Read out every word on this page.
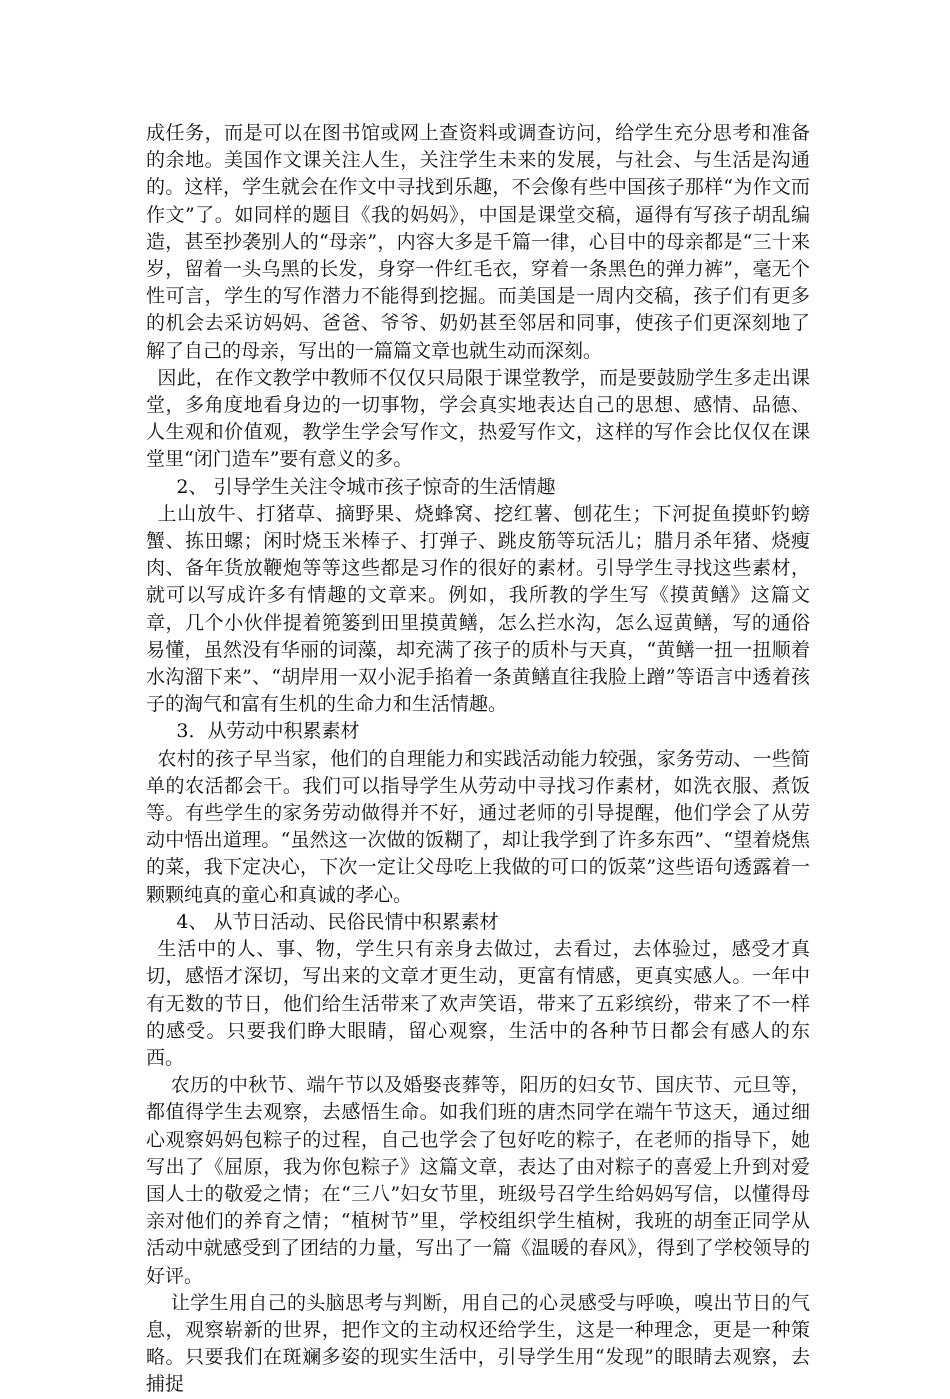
成任务，而是可以在图书馆或网上查资料或调查访问，给学生充分思考和准备的余地。美国作文课关注人生，关注学生未来的发展，与社会、与生活是沟通的。这样，学生就会在作文中寻找到乐趣，不会像有些中国孩子那样“为作文而作文”了。如同样的题目《我的妈妈》，中国是课堂交稿，逼得有写孩子胡乱编造，甚至抄袭别人的“母亲”，内容大多是千篇一律，心目中的母亲都是“三十来岁，留着一头乌黑的长发，身穿一件红毛衣，穿着一条黑色的弹力裤”，毫无个性可言，学生的写作潜力不能得到挖掘。而美国是一周内交稿，孩子们有更多的机会去采访妈妈、爸爸、爷爷、奶奶甚至邻居和同事，使孩子们更深刻地了解了自己的母亲，写出的一篇篇文章也就生动而深刻。

因此，在作文教学中教师不仅仅只局限于课堂教学，而是要鼓励学生多走出课堂，多角度地看身边的一切事物，学会真实地表达自己的思想、感情、品德、人生观和价值观，教学生学会写作文，热爱写作文，这样的写作会比仅仅在课堂里“闭门造车”要有意义的多。

2、 引导学生关注令城市孩子惊奇的生活情趣

上山放牛、打猪草、摘野果、烧蜂窝、挖红薯、刨花生；下河捉鱼摸虾钓螃蟹、拣田螺；闲时烧玉米棒子、打弹子、跳皮筋等玩活儿；腊月杀年猪、烧瘦肉、备年货放鞭炮等等这些都是习作的很好的素材。引导学生寻找这些素材，就可以写成许多有情趣的文章来。例如，我所教的学生写《摸黄鳝》这篇文章，几个小伙伴提着篼篓到田里摸黄鳝，怎么拦水沟，怎么逗黄鳝，写的通俗易懂，虽然没有华丽的词藻，却充满了孩子的质朴与天真，“黄鳝一扭一扭顺着水沟溜下来”、“胡岸用一双小泥手掐着一条黄鳝直往我脸上蹭”等语言中透着孩子的淘气和富有生机的生命力和生活情趣。

3．从劳动中积累素材

农村的孩子早当家，他们的自理能力和实践活动能力较强，家务劳动、一些简单的农活都会干。我们可以指导学生从劳动中寻找习作素材，如洗衣服、煮饭等。有些学生的家务劳动做得并不好，通过老师的引导提醒，他们学会了从劳动中悟出道理。“虽然这一次做的饭糊了，却让我学到了许多东西”、“望着烧焦的菜，我下定决心，下次一定让父母吃上我做的可口的饭菜”这些语句透露着一颗颗纯真的童心和真诚的孝心。

4、 从节日活动、民俗民情中积累素材

生活中的人、事、物，学生只有亲身去做过，去看过，去体验过，感受才真切，感悟才深切，写出来的文章才更生动，更富有情感，更真实感人。一年中有无数的节日，他们给生活带来了欢声笑语，带来了五彩缤纷，带来了不一样的感受。只要我们睁大眼睛，留心观察，生活中的各种节日都会有感人的东西。

农历的中秋节、端午节以及婚娶丧葬等，阳历的妇女节、国庆节、元旦等，都值得学生去观察，去感悟生命。如我们班的唐杰同学在端午节这天，通过细心观察妈妈包粽子的过程，自己也学会了包好吃的粽子，在老师的指导下，她写出了《屈原，我为你包粽子》这篇文章，表达了由对粽子的喜爱上升到对爱国人士的敬爱之情；在“三八”妇女节里，班级号召学生给妈妈写信，以懂得母亲对他们的养育之情；“植树节”里，学校组织学生植树，我班的胡奎正同学从活动中就感受到了团结的力量，写出了一篇《温暖的春风》，得到了学校领导的好评。

让学生用自己的头脑思考与判断，用自己的心灵感受与呼唤，嗅出节日的气息，观察崭新的世界，把作文的主动权还给学生，这是一种理念，更是一种策略。只要我们在斑斓多姿的现实生活中，引导学生用“发现”的眼睛去观察，去捕捉
